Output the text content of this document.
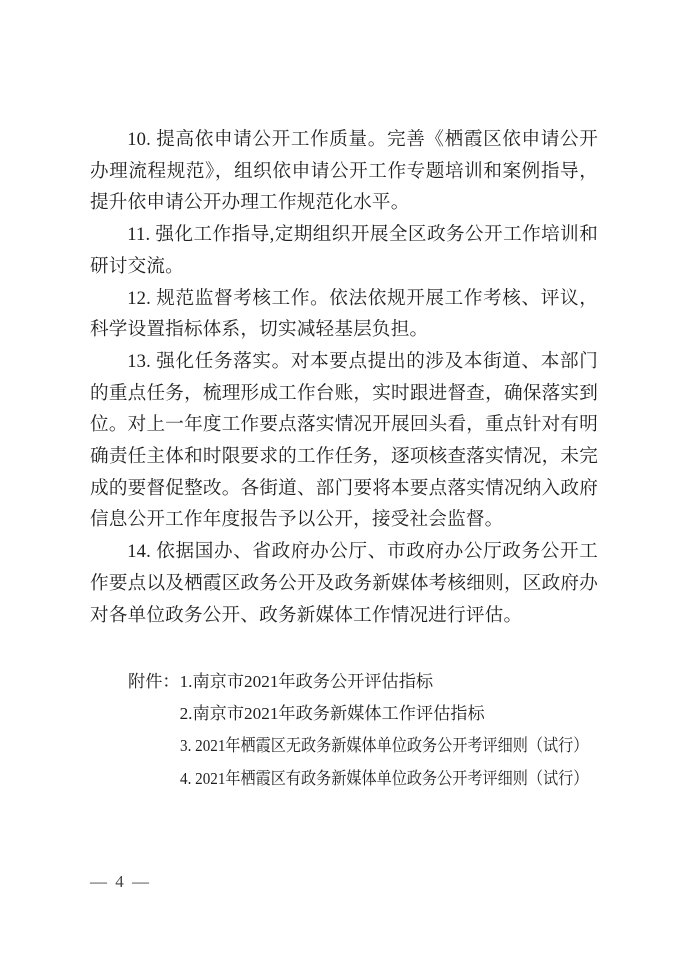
10. 提高依申请公开工作质量。完善《栖霞区依申请公开办理流程规范》，组织依申请公开工作专题培训和案例指导，提升依申请公开办理工作规范化水平。

11. 强化工作指导,定期组织开展全区政务公开工作培训和研讨交流。

12. 规范监督考核工作。依法依规开展工作考核、评议，科学设置指标体系，切实减轻基层负担。

13. 强化任务落实。对本要点提出的涉及本街道、本部门的重点任务，梳理形成工作台账，实时跟进督查，确保落实到位。对上一年度工作要点落实情况开展回头看，重点针对有明确责任主体和时限要求的工作任务，逐项核查落实情况，未完成的要督促整改。各街道、部门要将本要点落实情况纳入政府信息公开工作年度报告予以公开，接受社会监督。

14. 依据国办、省政府办公厅、市政府办公厅政务公开工作要点以及栖霞区政务公开及政务新媒体考核细则，区政府办对各单位政务公开、政务新媒体工作情况进行评估。

附件： 1.南京市2021年政务公开评估指标
2.南京市2021年政务新媒体工作评估指标
3. 2021年栖霞区无政务新媒体单位政务公开考评细则（试行）
4. 2021年栖霞区有政务新媒体单位政务公开考评细则（试行）
— 4 —
